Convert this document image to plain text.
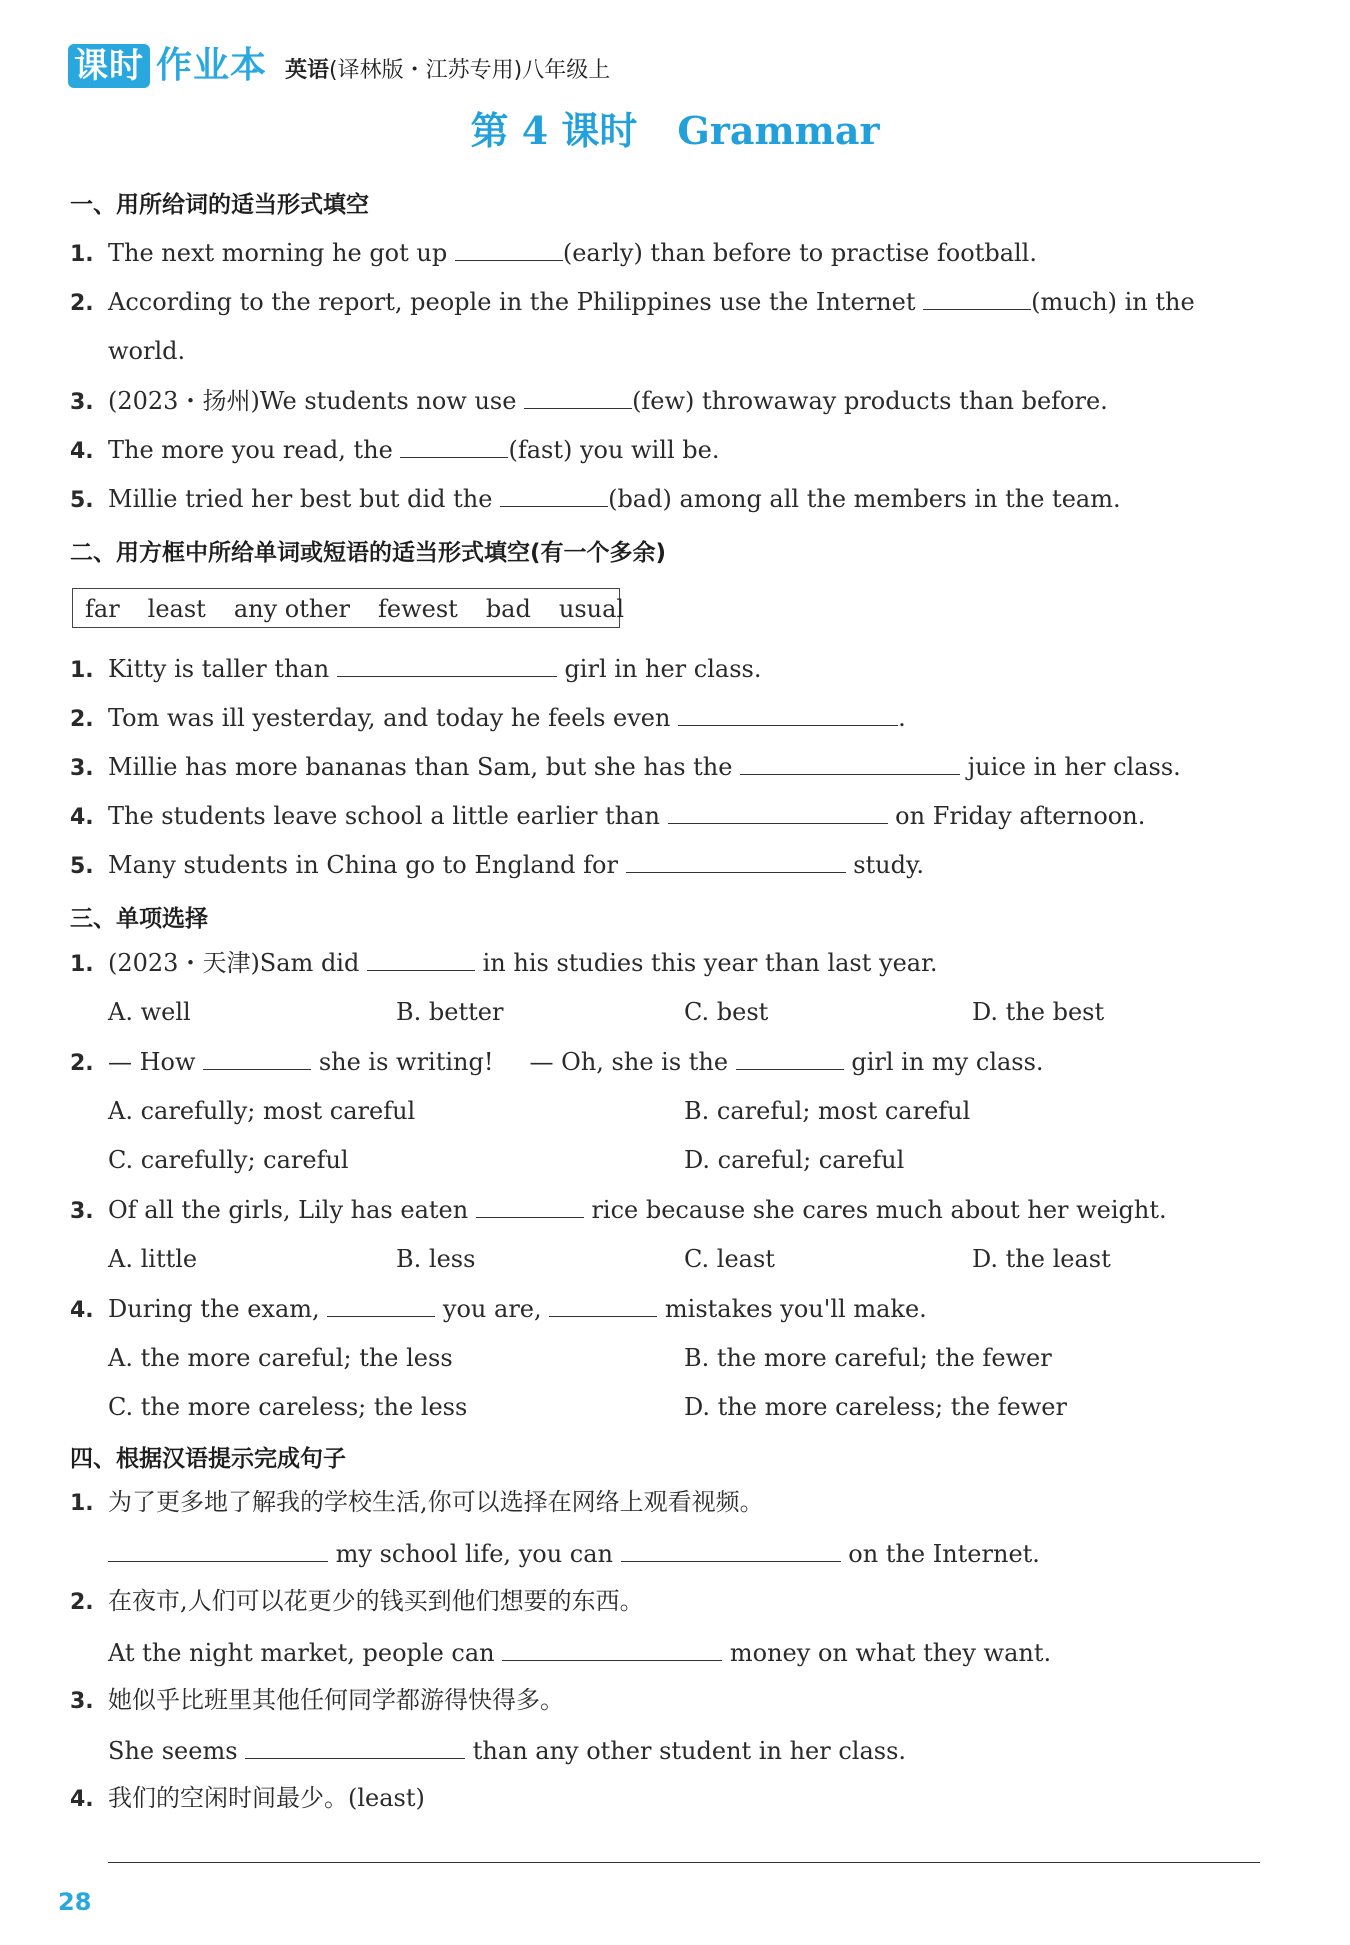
课时 作业本 英语(译林版・江苏专用)八年级上
第 4 课时 Grammar
一、用所给词的适当形式填空
1. The next morning he got up	(early) than before to practise football.
2. According to the report, people in the Philippines use the Internet	(much) in the
world.
3. (2023・扬州)We students now use	(few) throwaway products than before.
4. The more you read, the	(fast) you will be.
5. Millie tried her best but did the	(bad) among all the members in the team.
二、用方框中所给单词或短语的适当形式填空(有一个多余)
far least any other fewest bad usual
1. Kitty is taller than	girl in her class.
2. Tom was ill yesterday, and today he feels even	.
3. Millie has more bananas than Sam, but she has the	juice in her class.
4. The students leave school a little earlier than	on Friday afternoon.
5. Many students in China go to England for	study.
三、单项选择
1. (2023・天津)Sam did	in his studies this year than last year.
A. well	B. better	C. best	D. the best
2. — How	she is writing! — Oh, she is the	girl in my class.
A. carefully; most careful	B. careful; most careful
C. carefully; careful	D. careful; careful
3. Of all the girls, Lily has eaten	rice because she cares much about her weight.
A. little	B. less	C. least	D. the least
4. During the exam,	you are,	mistakes you'll make.
A. the more careful; the less	B. the more careful; the fewer
C. the more careless; the less	D. the more careless; the fewer
四、根据汉语提示完成句子
1. 为了更多地了解我的学校生活,你可以选择在网络上观看视频。
my school life, you can	on the Internet.
2. 在夜市,人们可以花更少的钱买到他们想要的东西。
At the night market, people can	money on what they want.
3. 她似乎比班里其他任何同学都游得快得多。
She seems	than any other student in her class.
4. 我们的空闲时间最少。(least)
28
